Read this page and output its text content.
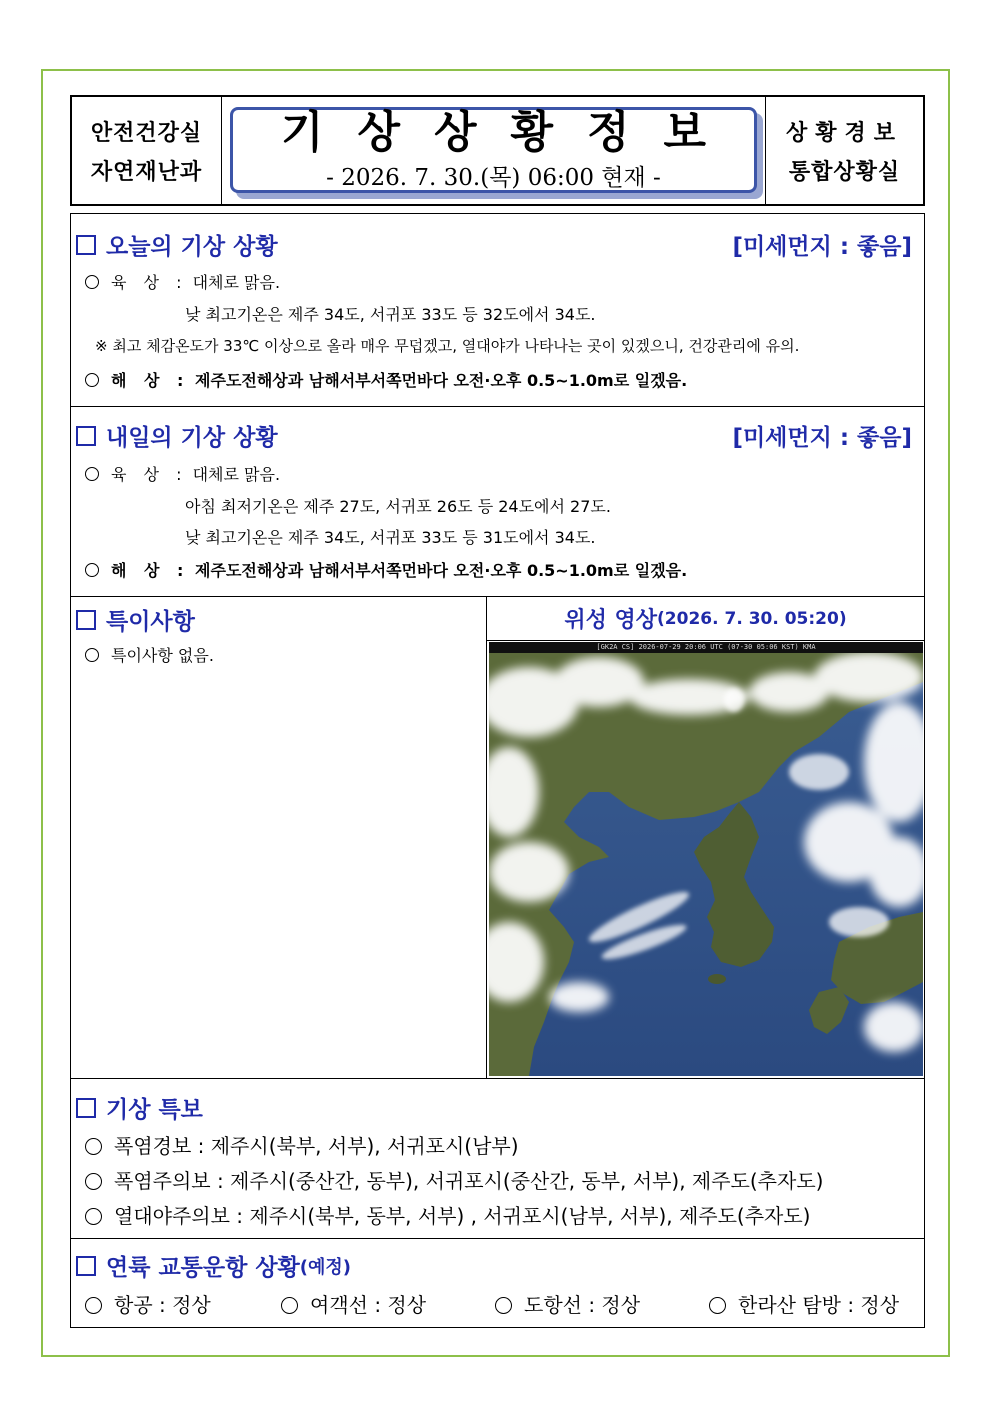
안전건강실
자연재난과
기상상황정보
- 2026. 7. 30.(목) 06:00 현재 -
상황경보
통합상황실
오늘의 기상 상황	[미세먼지 : 좋음]
육 상 : 대체로 맑음.
낮 최고기온은 제주 34도, 서귀포 33도 등 32도에서 34도.
※ 최고 체감온도가 33℃ 이상으로 올라 매우 무덥겠고, 열대야가 나타나는 곳이 있겠으니, 건강관리에 유의.
해 상 : 제주도전해상과 남해서부서쪽먼바다 오전·오후 0.5~1.0m로 일겠음.
내일의 기상 상황	[미세먼지 : 좋음]
육 상 : 대체로 맑음.
아침 최저기온은 제주 27도, 서귀포 26도 등 24도에서 27도.
낮 최고기온은 제주 34도, 서귀포 33도 등 31도에서 34도.
해 상 : 제주도전해상과 남해서부서쪽먼바다 오전·오후 0.5~1.0m로 일겠음.
특이사항
특이사항 없음.
위성 영상 (2026. 7. 30. 05:20)
[GK2A CS] 2026-07-29 20:06 UTC (07-30 05:06 KST) KMA
기상 특보
폭염경보 : 제주시(북부, 서부), 서귀포시(남부)
폭염주의보 : 제주시(중산간, 동부), 서귀포시(중산간, 동부, 서부), 제주도(추자도)
열대야주의보 : 제주시(북부, 동부, 서부) , 서귀포시(남부, 서부), 제주도(추자도)
연륙 교통운항 상황 (예정)
항공 : 정상	여객선 : 정상	도항선 : 정상	한라산 탐방 : 정상
